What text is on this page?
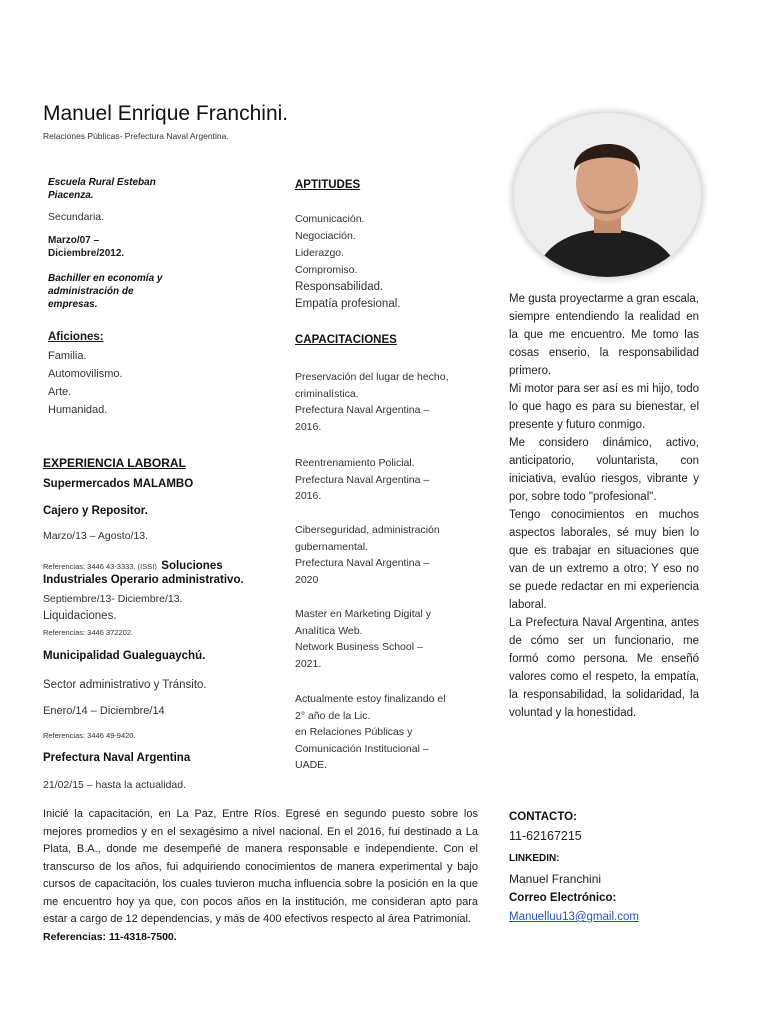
Manuel Enrique Franchini.
Relaciones Públicas- Prefectura Naval Argentina.
Escuela Rural Esteban
Piacenza.
Secundaria.
Marzo/07 –
Diciembre/2012.
Bachiller en economía y
administración de
empresas.
Aficiones:
Familia.
Automovilismo.
Arte.
Humanidad.
APTITUDES
Comunicación.
Negociación.
Liderazgo.
Compromiso.
Responsabilidad.
Empatía profesional.
CAPACITACIONES
Preservación del lugar de hecho,
criminalística.
Prefectura Naval Argentina –
2016.
Reentrenamiento Policial.
Prefectura Naval Argentina –
2016.
Ciberseguridad, administración
gubernamental.
Prefectura Naval Argentina –
2020
Master en Marketing Digital y
Analítica Web.
Network Business School –
2021.
Actualmente estoy finalizando el
2° año de la Lic.
en Relaciones Públicas y
Comunicación Institucional –
UADE.
EXPERIENCIA LABORAL
Supermercados MALAMBO
Cajero y Repositor.
Marzo/13 – Agosto/13.
Referencias: 3446 43-3333. (ISSI) Soluciones
Industriales Operario administrativo.
Septiembre/13- Diciembre/13.
Liquidaciones.
Referencias: 3446 372202.
Municipalidad Gualeguaychú.
Sector administrativo y Tránsito.
Enero/14 – Diciembre/14
Referencias: 3446 49-9420.
Prefectura Naval Argentina
21/02/15 – hasta la actualidad.
Inicié la capacitación, en La Paz, Entre Ríos. Egresé en segundo puesto sobre los mejores promedios y en el sexagésimo a nivel nacional. En el 2016, fui destinado a La Plata, B.A., donde me desempeñé de manera responsable e independiente. Con el transcurso de los años, fui adquiriendo conocimientos de manera experimental y bajo cursos de capacitación, los cuales tuvieron mucha influencia sobre la posición en la que me encuentro hoy ya que, con pocos años en la institución, me consideran apto para estar a cargo de 12 dependencias, y más de 400 efectivos respecto al área Patrimonial.
Referencias: 11-4318-7500.

Me gusta proyectarme a gran escala, siempre entendiendo la realidad en la que me encuentro. Me tomo las cosas enserio, la responsabilidad primero.

Mi motor para ser así es mi hijo, todo lo que hago es para su bienestar, el presente y futuro conmigo.

Me considero dinámico, activo, anticipatorio, voluntarista, con iniciativa, evalúo riesgos, vibrante y por, sobre todo "profesional".

Tengo conocimientos en muchos aspectos laborales, sé muy bien lo que es trabajar en situaciones que van de un extremo a otro; Y eso no se puede redactar en mi experiencia laboral.

La Prefectura Naval Argentina, antes de cómo ser un funcionario, me formó como persona. Me enseñó valores como el respeto, la empatía, la responsabilidad, la solidaridad, la voluntad y la honestidad.

CONTACTO:
11-62167215
LINKEDIN:
Manuel Franchini
Correo Electrónico:
Manuelluu13@gmail.com
